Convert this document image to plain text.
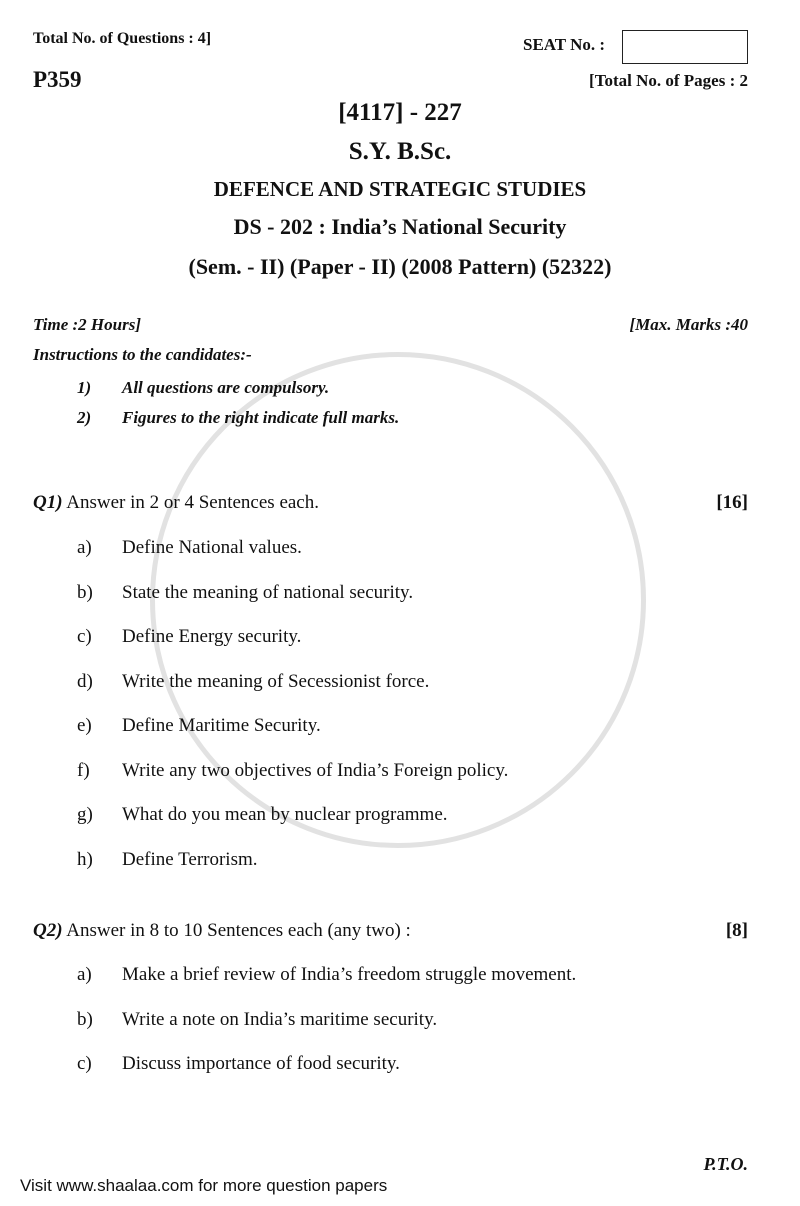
Total No. of Questions : 4]	SEAT No. :
P359	[Total No. of Pages : 2
[4117] - 227
S.Y. B.Sc.
DEFENCE AND STRATEGIC STUDIES
DS - 202 : India’s National Security
(Sem. - II) (Paper - II) (2008 Pattern) (52322)
Time :2 Hours]	[Max. Marks :40
Instructions to the candidates:-
1) All questions are compulsory.
2) Figures to the right indicate full marks.
Q1) Answer in 2 or 4 Sentences each.	[16]
a) Define National values.
b) State the meaning of national security.
c) Define Energy security.
d) Write the meaning of Secessionist force.
e) Define Maritime Security.
f) Write any two objectives of India’s Foreign policy.
g) What do you mean by nuclear programme.
h) Define Terrorism.
Q2) Answer in 8 to 10 Sentences each (any two) :	[8]
a) Make a brief review of India’s freedom struggle movement.
b) Write a note on India’s maritime security.
c) Discuss importance of food security.
P.T.O.
Visit www.shaalaa.com for more question papers
